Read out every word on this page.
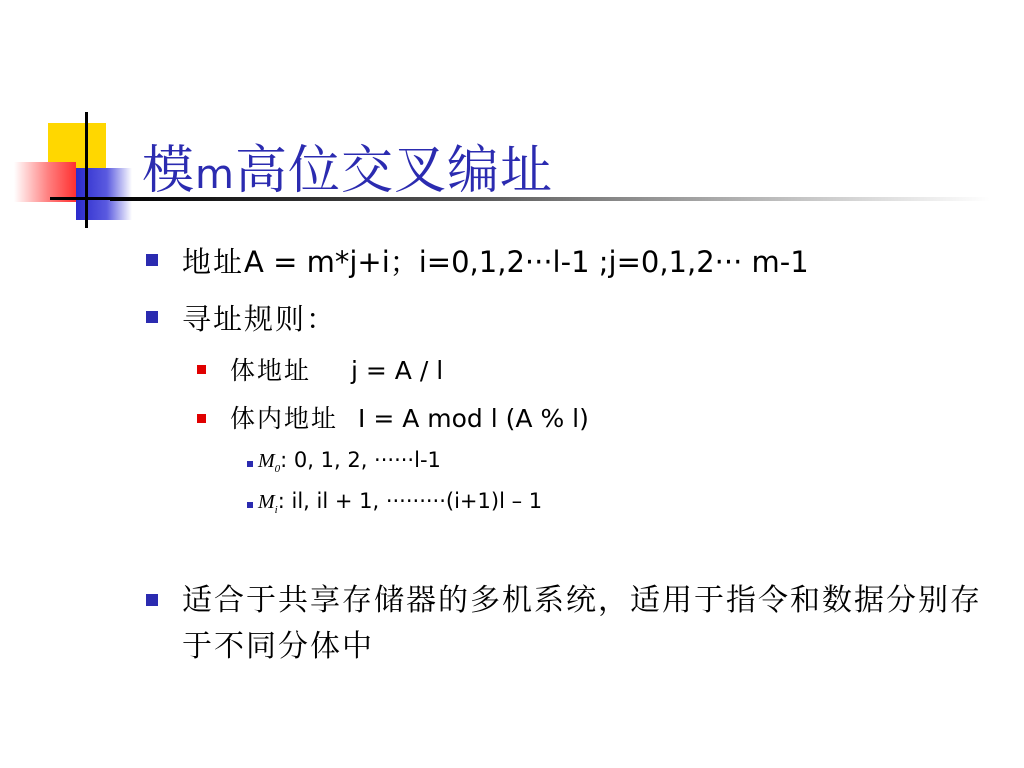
模m高位交叉编址
地址A = m*j+i；i=0,1,2···l-1 ;j=0,1,2··· m-1
寻址规则：
体地址 j = A / l
体内地址 I = A mod l (A % l)
$M_0$: 0, 1, 2, ······l-1
$M_i$: il, il + 1, ·········(i+1)l – 1
适合于共享存储器的多机系统，适用于指令和数据分别存于不同分体中
